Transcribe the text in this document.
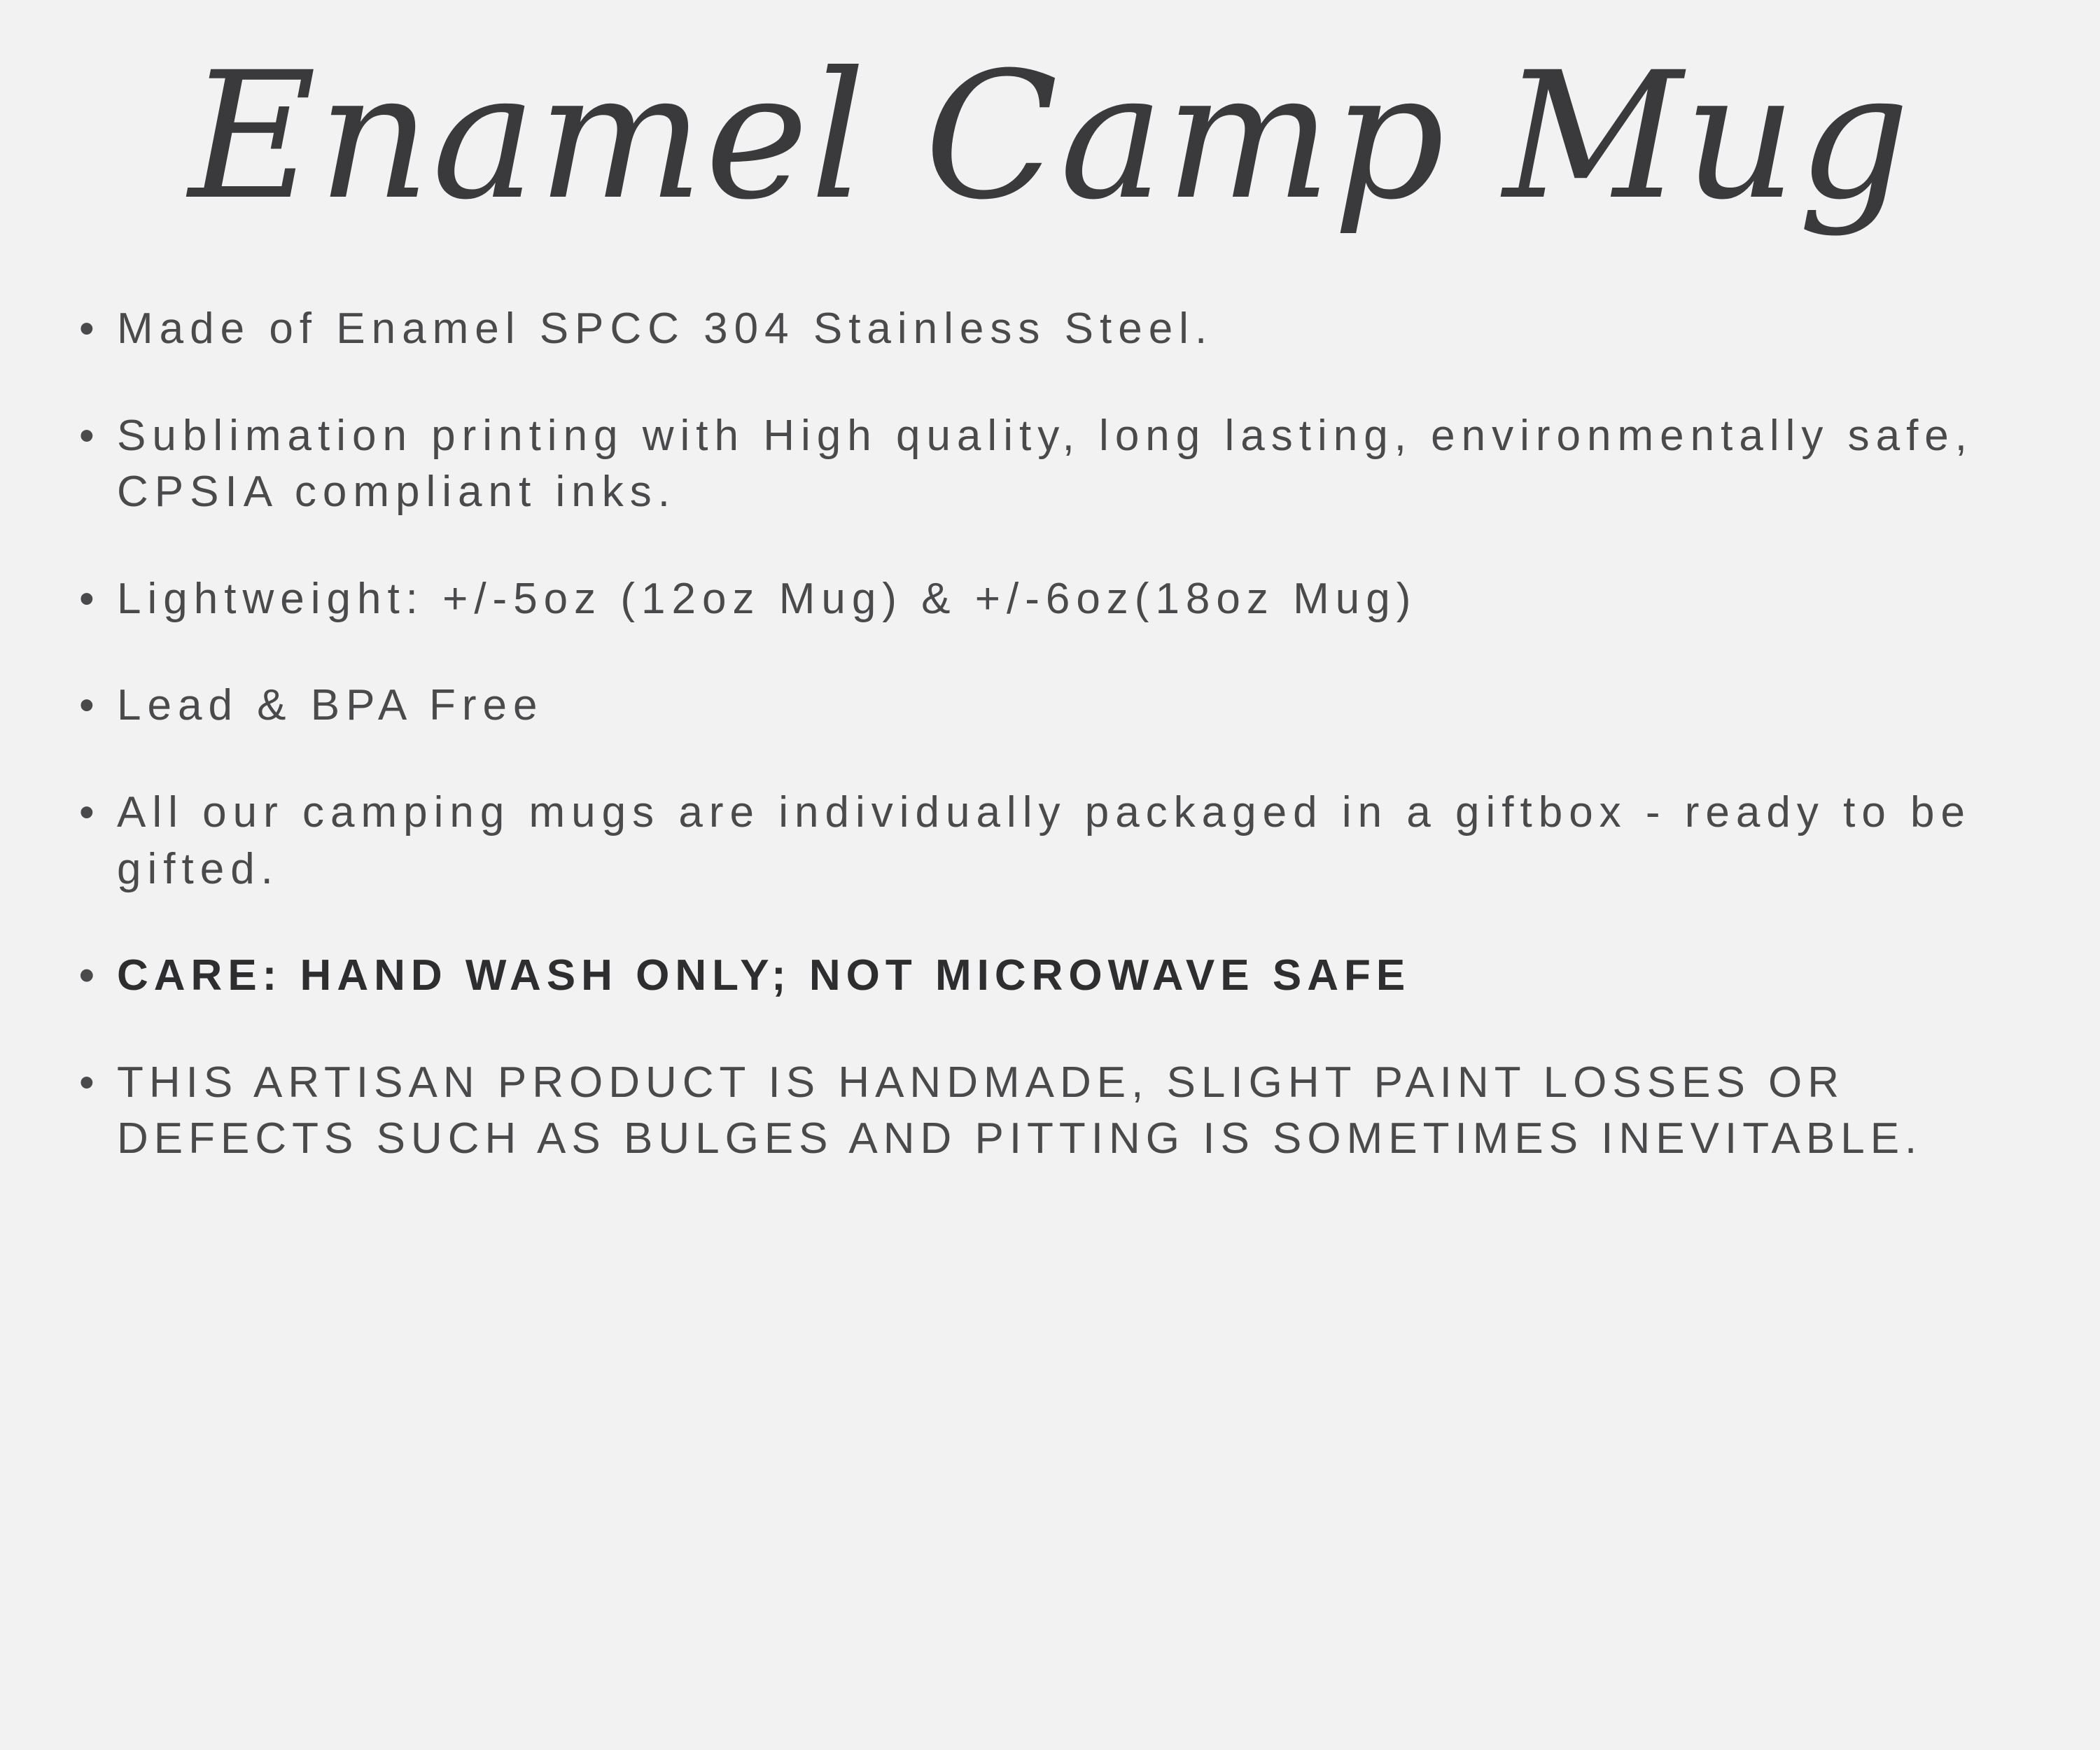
Enamel Camp Mug
• Made of Enamel SPCC 304 Stainless Steel.
• Sublimation printing with High quality, long lasting, environmentally safe, CPSIA compliant inks.
• Lightweight: +/-5oz (12oz Mug) & +/-6oz(18oz Mug)
• Lead & BPA Free
• All our camping mugs are individually packaged in a giftbox - ready to be gifted.
• CARE: HAND WASH ONLY; NOT MICROWAVE SAFE
• THIS ARTISAN PRODUCT IS HANDMADE, SLIGHT PAINT LOSSES OR DEFECTS SUCH AS BULGES AND PITTING IS SOMETIMES INEVITABLE.
